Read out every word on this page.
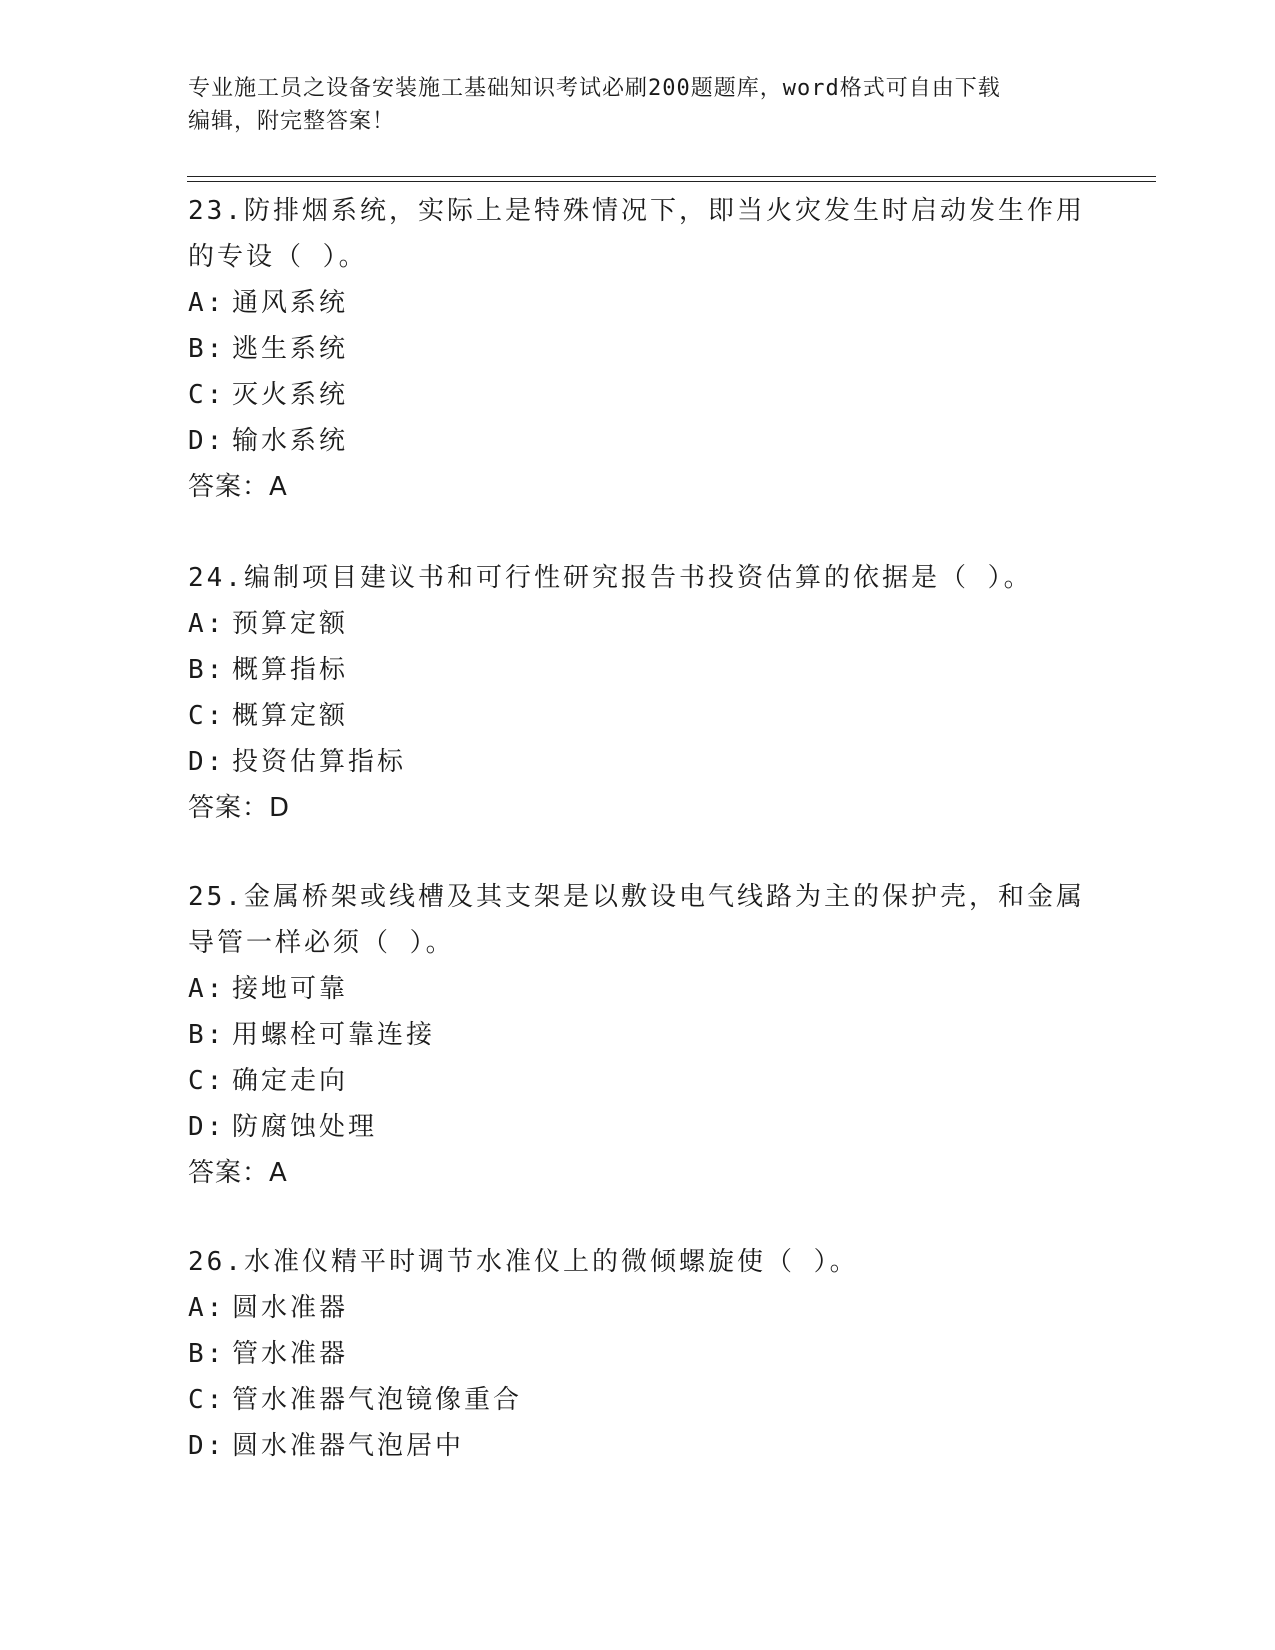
专业施工员之设备安装施工基础知识考试必刷200题题库，word格式可自由下载
编辑，附完整答案！
23.防排烟系统，实际上是特殊情况下，即当火灾发生时启动发生作用
的专设（ ）。
A: 通风系统
B: 逃生系统
C: 灭火系统
D: 输水系统
答案：A
24.编制项目建议书和可行性研究报告书投资估算的依据是（ ）。
A: 预算定额
B: 概算指标
C: 概算定额
D: 投资估算指标
答案：D
25.金属桥架或线槽及其支架是以敷设电气线路为主的保护壳，和金属
导管一样必须（ ）。
A: 接地可靠
B: 用螺栓可靠连接
C: 确定走向
D: 防腐蚀处理
答案：A
26.水准仪精平时调节水准仪上的微倾螺旋使（ ）。
A: 圆水准器
B: 管水准器
C: 管水准器气泡镜像重合
D: 圆水准器气泡居中
